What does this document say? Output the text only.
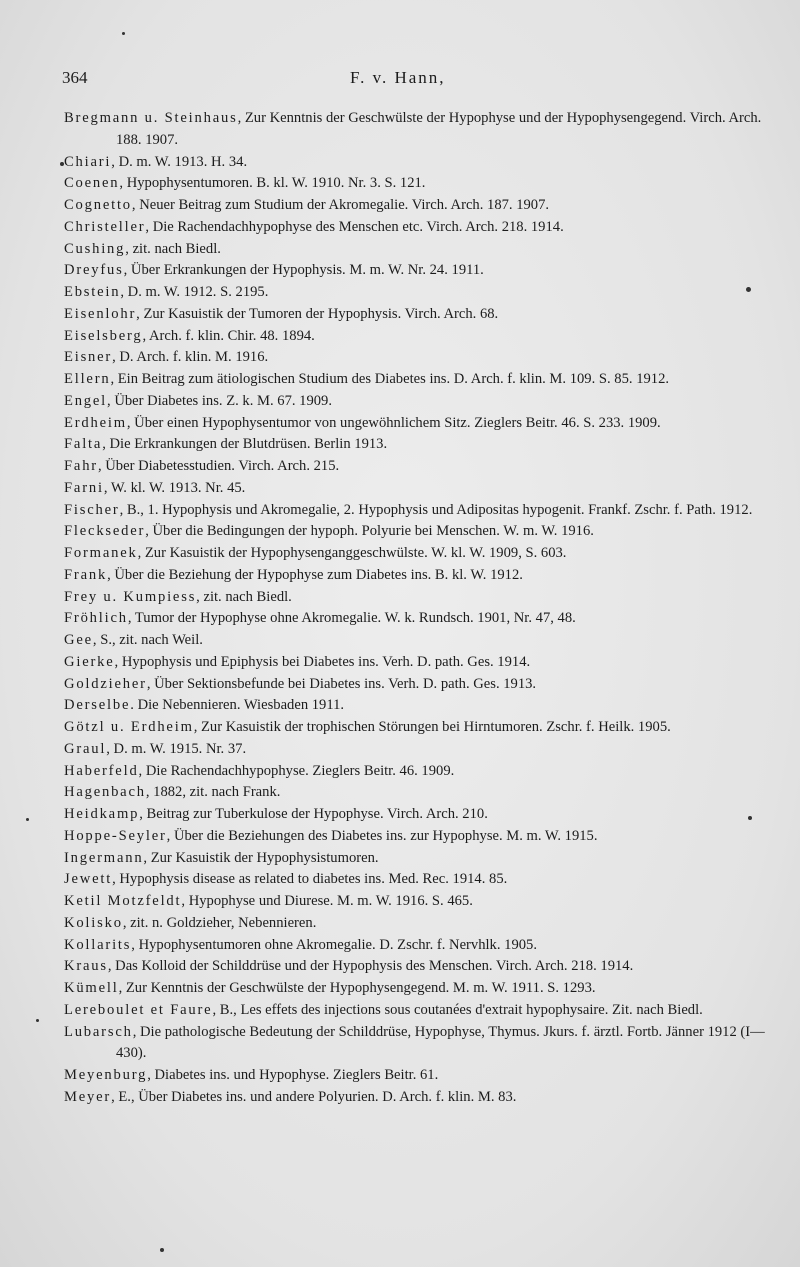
364	F. v. Hann,
Bregmann u. Steinhaus, Zur Kenntnis der Geschwülste der Hypophyse und der Hypophysengegend. Virch. Arch. 188. 1907.
Chiari, D. m. W. 1913. H. 34.
Coenen, Hypophysentumoren. B. kl. W. 1910. Nr. 3. S. 121.
Cognetto, Neuer Beitrag zum Studium der Akromegalie. Virch. Arch. 187. 1907.
Christeller, Die Rachendachhypophyse des Menschen etc. Virch. Arch. 218. 1914.
Cushing, zit. nach Biedl.
Dreyfus, Über Erkrankungen der Hypophysis. M. m. W. Nr. 24. 1911.
Ebstein, D. m. W. 1912. S. 2195.
Eisenlohr, Zur Kasuistik der Tumoren der Hypophysis. Virch. Arch. 68.
Eiselsberg, Arch. f. klin. Chir. 48. 1894.
Eisner, D. Arch. f. klin. M. 1916.
Ellern, Ein Beitrag zum ätiologischen Studium des Diabetes ins. D. Arch. f. klin. M. 109. S. 85. 1912.
Engel, Über Diabetes ins. Z. k. M. 67. 1909.
Erdheim, Über einen Hypophysentumor von ungewöhnlichem Sitz. Zieglers Beitr. 46. S. 233. 1909.
Falta, Die Erkrankungen der Blutdrüsen. Berlin 1913.
Fahr, Über Diabetesstudien. Virch. Arch. 215.
Farni, W. kl. W. 1913. Nr. 45.
Fischer, B., 1. Hypophysis und Akromegalie, 2. Hypophysis und Adipositas hypogenit. Frankf. Zschr. f. Path. 1912.
Fleckseder, Über die Bedingungen der hypoph. Polyurie bei Menschen. W. m. W. 1916.
Formanek, Zur Kasuistik der Hypophysenganggeschwülste. W. kl. W. 1909, S. 603.
Frank, Über die Beziehung der Hypophyse zum Diabetes ins. B. kl. W. 1912.
Frey u. Kumpiess, zit. nach Biedl.
Fröhlich, Tumor der Hypophyse ohne Akromegalie. W. k. Rundsch. 1901, Nr. 47, 48.
Gee, S., zit. nach Weil.
Gierke, Hypophysis und Epiphysis bei Diabetes ins. Verh. D. path. Ges. 1914.
Goldzieher, Über Sektionsbefunde bei Diabetes ins. Verh. D. path. Ges. 1913.
Derselbe. Die Nebennieren. Wiesbaden 1911.
Götzl u. Erdheim, Zur Kasuistik der trophischen Störungen bei Hirntumoren. Zschr. f. Heilk. 1905.
Graul, D. m. W. 1915. Nr. 37.
Haberfeld, Die Rachendachhypophyse. Zieglers Beitr. 46. 1909.
Hagenbach, 1882, zit. nach Frank.
Heidkamp, Beitrag zur Tuberkulose der Hypophyse. Virch. Arch. 210.
Hoppe-Seyler, Über die Beziehungen des Diabetes ins. zur Hypophyse. M. m. W. 1915.
Ingermann, Zur Kasuistik der Hypophysistumoren.
Jewett, Hypophysis disease as related to diabetes ins. Med. Rec. 1914. 85.
Ketil Motzfeldt, Hypophyse und Diurese. M. m. W. 1916. S. 465.
Kolisko, zit. n. Goldzieher, Nebennieren.
Kollarits, Hypophysentumoren ohne Akromegalie. D. Zschr. f. Nervhlk. 1905.
Kraus, Das Kolloid der Schilddrüse und der Hypophysis des Menschen. Virch. Arch. 218. 1914.
Kümell, Zur Kenntnis der Geschwülste der Hypophysengegend. M. m. W. 1911. S. 1293.
Lereboulet et Faure, B., Les effets des injections sous coutanées d'extrait hypophysaire. Zit. nach Biedl.
Lubarsch, Die pathologische Bedeutung der Schilddrüse, Hypophyse, Thymus. Jkurs. f. ärztl. Fortb. Jänner 1912 (I—430).
Meyenburg, Diabetes ins. und Hypophyse. Zieglers Beitr. 61.
Meyer, E., Über Diabetes ins. und andere Polyurien. D. Arch. f. klin. M. 83.
